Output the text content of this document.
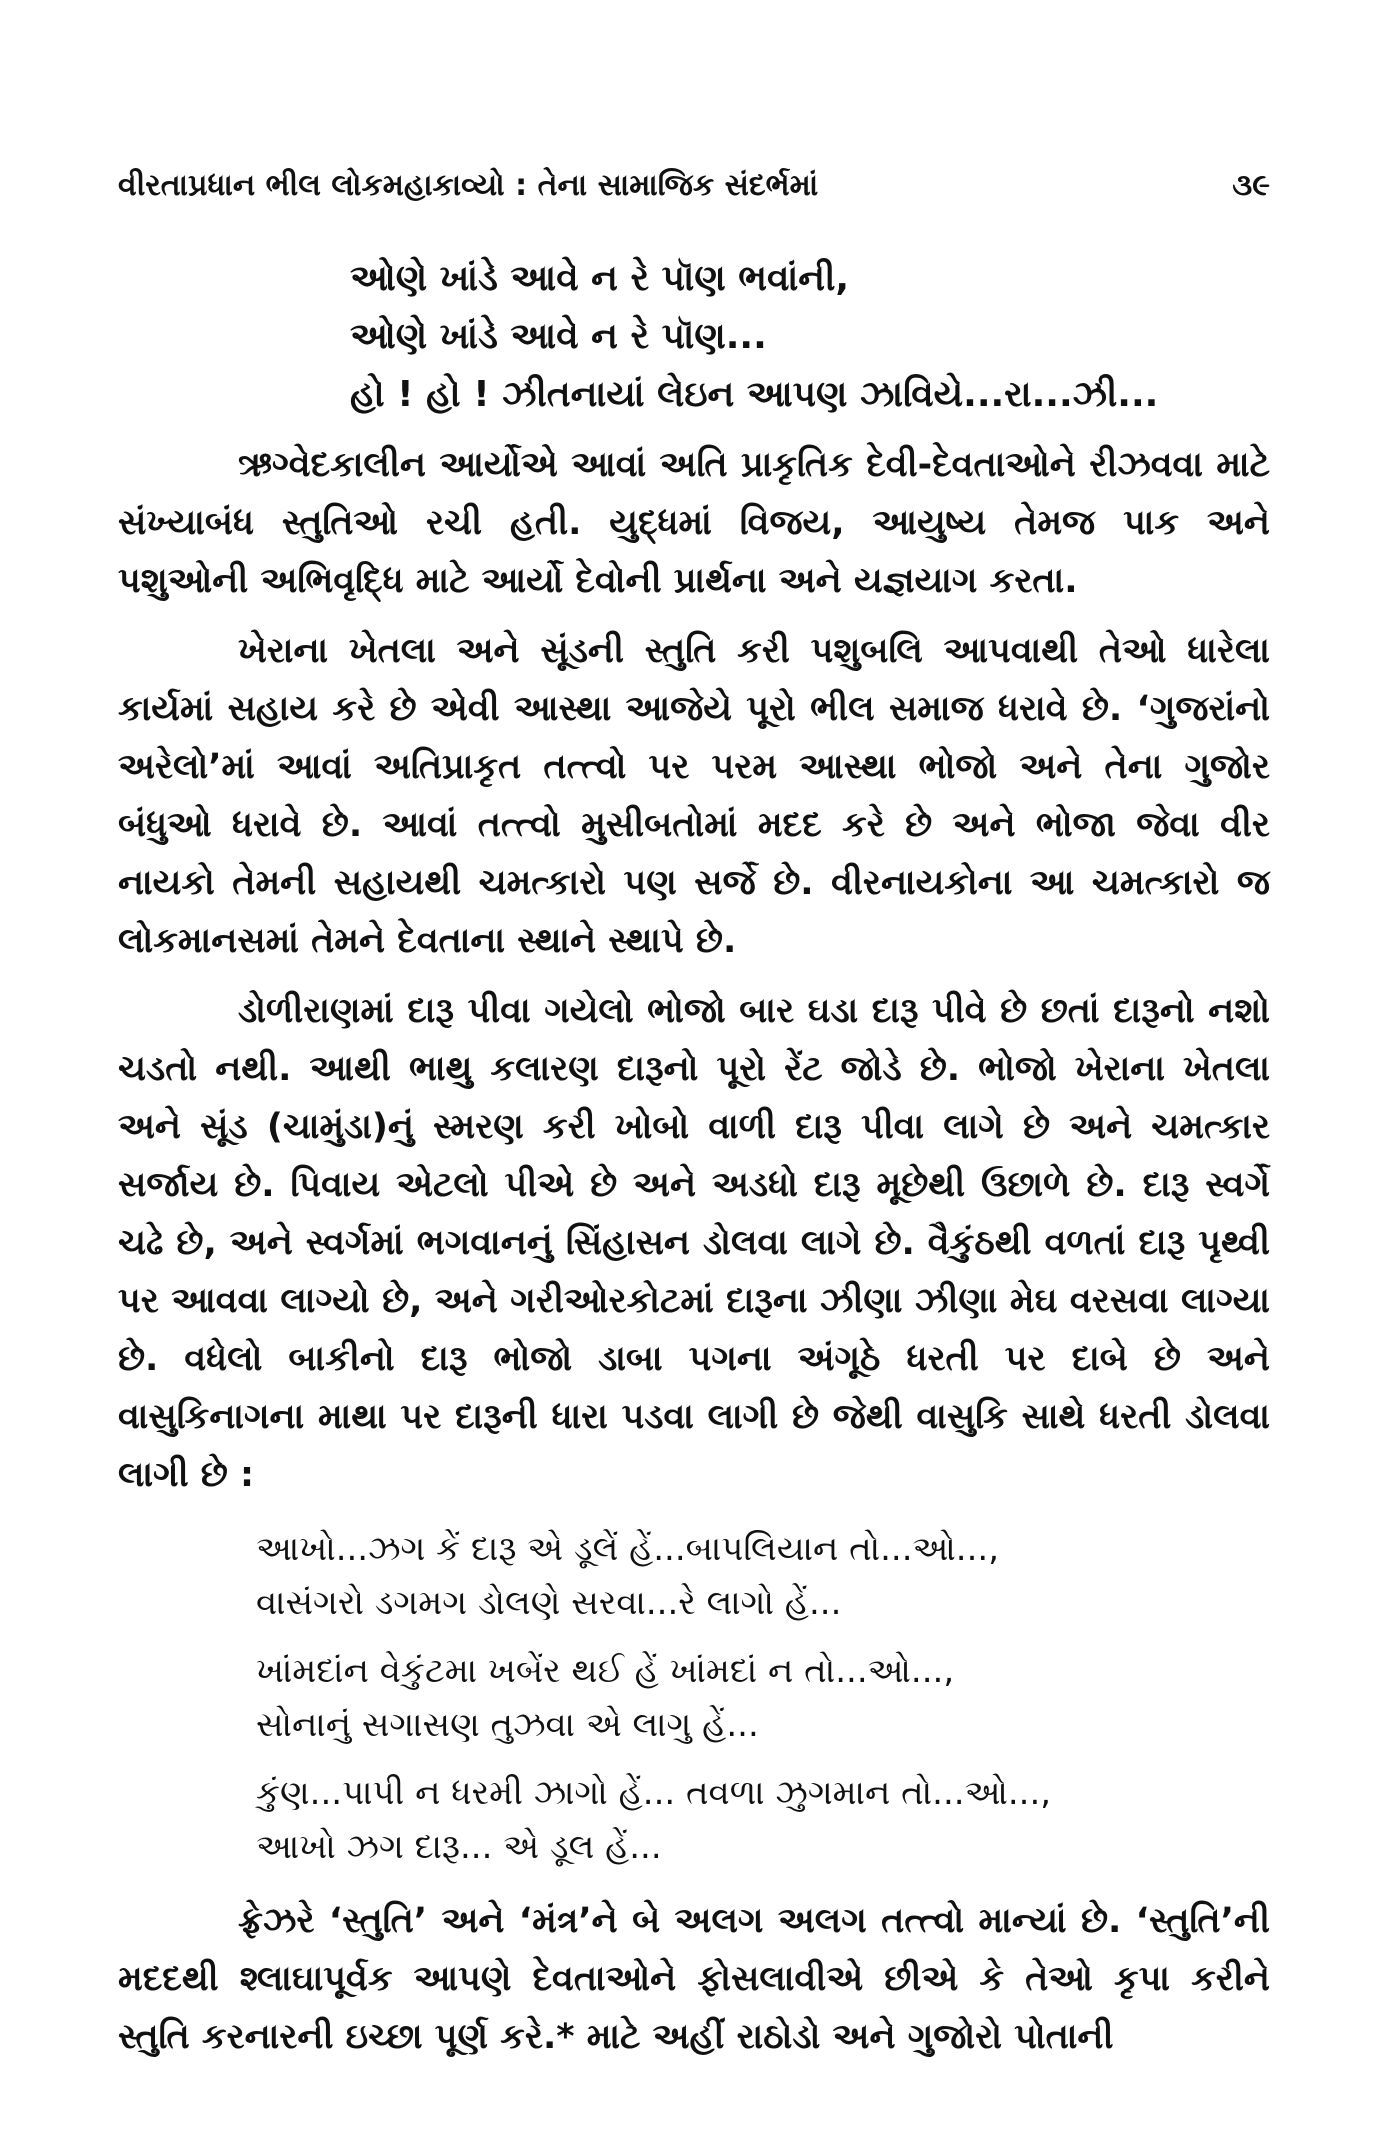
વીરતાપ્રધાન ભીલ લોકમહાકાવ્યો : તેના સામાજિક સંદર્ભમાં	૩૯
ઓણે ખાંડે આવે ન રે પૉણ ભવાંની,
ઓણે ખાંડે આવે ન રે પૉણ...
હો ! હો ! ઝીતનાયાં લેઇન આપણ ઝાવિયે...રા...ઝી...

ઋગ્વેદકાલીન આર્યોએ આવાં અતિ પ્રાકૃતિક દેવી-દેવતાઓને રીઝવવા માટે સંખ્યાબંધ સ્તુતિઓ રચી હતી. યુદ્ધમાં વિજય, આયુષ્ય તેમજ પાક અને પશુઓની અભિવૃદ્ધિ માટે આર્યો દેવોની પ્રાર્થના અને યજ્ઞયાગ કરતા.

ખેરાના ખેતલા અને સૂંડની સ્તુતિ કરી પશુબલિ આપવાથી તેઓ ધારેલા કાર્યમાં સહાય કરે છે એવી આસ્થા આજેયે પૂરો ભીલ સમાજ ધરાવે છે. ‘ગુજરાંનો અરેલો’માં આવાં અતિપ્રાકૃત તત્ત્વો પર પરમ આસ્થા ભોજો અને તેના ગુજોર બંધુઓ ધરાવે છે. આવાં તત્ત્વો મુસીબતોમાં મદદ કરે છે અને ભોજા જેવા વીર નાયકો તેમની સહાયથી ચમત્કારો પણ સર્જે છે. વીરનાયકોના આ ચમત્કારો જ લોકમાનસમાં તેમને દેવતાના સ્થાને સ્થાપે છે.

ડોળીરાણમાં દારૂ પીવા ગયેલો ભોજો બાર ઘડા દારૂ પીવે છે છતાં દારૂનો નશો ચડતો નથી. આથી ભાથુ કલારણ દારૂનો પૂરો રેંટ જોડે છે. ભોજો ખેરાના ખેતલા અને સૂંડ (ચામુંડા)નું સ્મરણ કરી ખોબો વાળી દારૂ પીવા લાગે છે અને ચમત્કાર સર્જાય છે. પિવાય એટલો પીએ છે અને અડધો દારૂ મૂછેથી ઉછાળે છે. દારૂ સ્વર્ગે ચઢે છે, અને સ્વર્ગમાં ભગવાનનું સિંહાસન ડોલવા લાગે છે. વૈકુંઠથી વળતાં દારૂ પૃથ્વી પર આવવા લાગ્યો છે, અને ગરીઓરકોટમાં દારૂના ઝીણા ઝીણા મેઘ વરસવા લાગ્યા છે. વધેલો બાકીનો દારૂ ભોજો ડાબા પગના અંગૂઠે ધરતી પર દાબે છે અને વાસુકિનાગના માથા પર દારૂની ધારા પડવા લાગી છે જેથી વાસુકિ સાથે ધરતી ડોલવા લાગી છે :

આખો...ઝગ કેં દારૂ એ ડૂલેં હેં...બાપલિયાન તો...ઓ...,
વાસંગરો ડગમગ ડોલણે સરવા...રે લાગો હેં...
ખાંમદાંન વેકુંટમા ખબેંર થઈ હેં ખાંમદાં ન તો...ઓ...,
સોનાનું સગાસણ તુઝવા એ લાગુ હેં...
કુંણ...પાપી ન ધરમી ઝાગો હેં... તવળા ઝુગમાન તો...ઓ...,
આખો ઝગ દારૂ... એ ડૂલ હેં...

ફ્રેઝરે ‘સ્તુતિ’ અને ‘મંત્ર’ને બે અલગ અલગ તત્ત્વો માન્યાં છે. ‘સ્તુતિ’ની મદદથી શ્લાઘાપૂર્વક આપણે દેવતાઓને ફોસલાવીએ છીએ કે તેઓ કૃપા કરીને સ્તુતિ કરનારની ઇચ્છા પૂર્ણ કરે.* માટે અહીં રાઠોડો અને ગુજોરો પોતાની
